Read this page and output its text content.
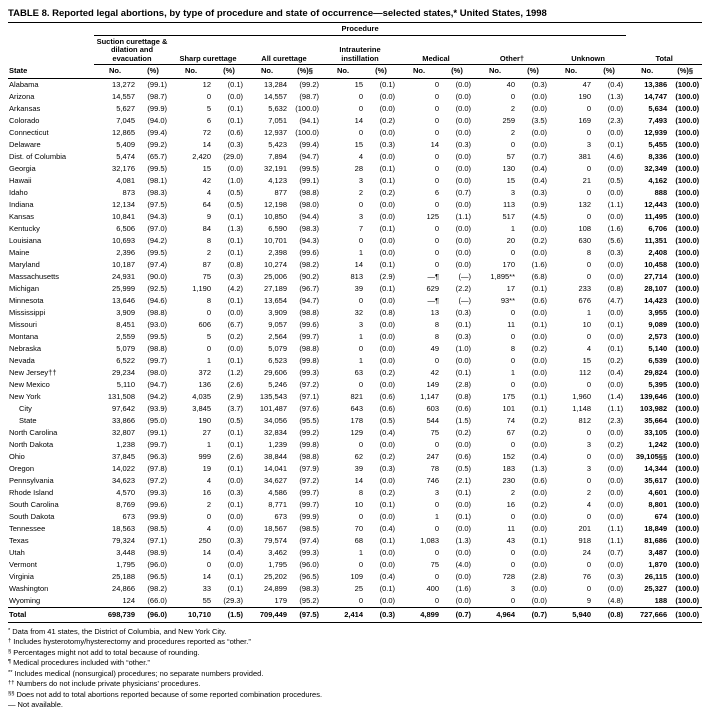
TABLE 8. Reported legal abortions, by type of procedure and state of occurrence—selected states,* United States, 1998
State	Procedure															
	Suction curettage & dilation and evacuation		Sharp curettage		All curettage		Intrauterine instillation		Medical		Other†		Unknown		Total	
	No.	(%)	No.	(%)	No.	(%)§	No.	(%)	No.	(%)	No.	(%)	No.	(%)	No.	(%)§
Alabama	13,272	(99.1)	12	(0.1)	13,284	(99.2)	15	(0.1)	0	(0.0)	40	(0.3)	47	(0.4)	13,386	(100.0)
Arizona	14,557	(98.7)	0	(0.0)	14,557	(98.7)	0	(0.0)	0	(0.0)	0	(0.0)	190	(1.3)	14,747	(100.0)
Arkansas	5,627	(99.9)	5	(0.1)	5,632	(100.0)	0	(0.0)	0	(0.0)	2	(0.0)	0	(0.0)	5,634	(100.0)
Colorado	7,045	(94.0)	6	(0.1)	7,051	(94.1)	14	(0.2)	0	(0.0)	259	(3.5)	169	(2.3)	7,493	(100.0)
Connecticut	12,865	(99.4)	72	(0.6)	12,937	(100.0)	0	(0.0)	0	(0.0)	2	(0.0)	0	(0.0)	12,939	(100.0)
Delaware	5,409	(99.2)	14	(0.3)	5,423	(99.4)	15	(0.3)	14	(0.3)	0	(0.0)	3	(0.1)	5,455	(100.0)
Dist. of Columbia	5,474	(65.7)	2,420	(29.0)	7,894	(94.7)	4	(0.0)	0	(0.0)	57	(0.7)	381	(4.6)	8,336	(100.0)
Georgia	32,176	(99.5)	15	(0.0)	32,191	(99.5)	28	(0.1)	0	(0.0)	130	(0.4)	0	(0.0)	32,349	(100.0)
Hawaii	4,081	(98.1)	42	(1.0)	4,123	(99.1)	3	(0.1)	0	(0.0)	15	(0.4)	21	(0.5)	4,162	(100.0)
Idaho	873	(98.3)	4	(0.5)	877	(98.8)	2	(0.2)	6	(0.7)	3	(0.3)	0	(0.0)	888	(100.0)
Indiana	12,134	(97.5)	64	(0.5)	12,198	(98.0)	0	(0.0)	0	(0.0)	113	(0.9)	132	(1.1)	12,443	(100.0)
Kansas	10,841	(94.3)	9	(0.1)	10,850	(94.4)	3	(0.0)	125	(1.1)	517	(4.5)	0	(0.0)	11,495	(100.0)
Kentucky	6,506	(97.0)	84	(1.3)	6,590	(98.3)	7	(0.1)	0	(0.0)	1	(0.0)	108	(1.6)	6,706	(100.0)
Louisiana	10,693	(94.2)	8	(0.1)	10,701	(94.3)	0	(0.0)	0	(0.0)	20	(0.2)	630	(5.6)	11,351	(100.0)
Maine	2,396	(99.5)	2	(0.1)	2,398	(99.6)	1	(0.0)	0	(0.0)	0	(0.0)	8	(0.3)	2,408	(100.0)
Maryland	10,187	(97.4)	87	(0.8)	10,274	(98.2)	14	(0.1)	0	(0.0)	170	(1.6)	0	(0.0)	10,458	(100.0)
Massachusetts	24,931	(90.0)	75	(0.3)	25,006	(90.2)	813	(2.9)	—¶	(—)	1,895**	(6.8)	0	(0.0)	27,714	(100.0)
Michigan	25,999	(92.5)	1,190	(4.2)	27,189	(96.7)	39	(0.1)	629	(2.2)	17	(0.1)	233	(0.8)	28,107	(100.0)
Minnesota	13,646	(94.6)	8	(0.1)	13,654	(94.7)	0	(0.0)	—¶	(—)	93**	(0.6)	676	(4.7)	14,423	(100.0)
Mississippi	3,909	(98.8)	0	(0.0)	3,909	(98.8)	32	(0.8)	13	(0.3)	0	(0.0)	1	(0.0)	3,955	(100.0)
Missouri	8,451	(93.0)	606	(6.7)	9,057	(99.6)	3	(0.0)	8	(0.1)	11	(0.1)	10	(0.1)	9,089	(100.0)
Montana	2,559	(99.5)	5	(0.2)	2,564	(99.7)	1	(0.0)	8	(0.3)	0	(0.0)	0	(0.0)	2,573	(100.0)
Nebraska	5,079	(98.8)	0	(0.0)	5,079	(98.8)	0	(0.0)	49	(1.0)	8	(0.2)	4	(0.1)	5,140	(100.0)
Nevada	6,522	(99.7)	1	(0.1)	6,523	(99.8)	1	(0.0)	0	(0.0)	0	(0.0)	15	(0.2)	6,539	(100.0)
New Jersey††	29,234	(98.0)	372	(1.2)	29,606	(99.3)	63	(0.2)	42	(0.1)	1	(0.0)	112	(0.4)	29,824	(100.0)
New Mexico	5,110	(94.7)	136	(2.6)	5,246	(97.2)	0	(0.0)	149	(2.8)	0	(0.0)	0	(0.0)	5,395	(100.0)
New York	131,508	(94.2)	4,035	(2.9)	135,543	(97.1)	821	(0.6)	1,147	(0.8)	175	(0.1)	1,960	(1.4)	139,646	(100.0)
City	97,642	(93.9)	3,845	(3.7)	101,487	(97.6)	643	(0.6)	603	(0.6)	101	(0.1)	1,148	(1.1)	103,982	(100.0)
State	33,866	(95.0)	190	(0.5)	34,056	(95.5)	178	(0.5)	544	(1.5)	74	(0.2)	812	(2.3)	35,664	(100.0)
North Carolina	32,807	(99.1)	27	(0.1)	32,834	(99.2)	129	(0.4)	75	(0.2)	67	(0.2)	0	(0.0)	33,105	(100.0)
North Dakota	1,238	(99.7)	1	(0.1)	1,239	(99.8)	0	(0.0)	0	(0.0)	0	(0.0)	3	(0.2)	1,242	(100.0)
Ohio	37,845	(96.3)	999	(2.6)	38,844	(98.8)	62	(0.2)	247	(0.6)	152	(0.4)	0	(0.0)	39,105§§	(100.0)
Oregon	14,022	(97.8)	19	(0.1)	14,041	(97.9)	39	(0.3)	78	(0.5)	183	(1.3)	3	(0.0)	14,344	(100.0)
Pennsylvania	34,623	(97.2)	4	(0.0)	34,627	(97.2)	14	(0.0)	746	(2.1)	230	(0.6)	0	(0.0)	35,617	(100.0)
Rhode Island	4,570	(99.3)	16	(0.3)	4,586	(99.7)	8	(0.2)	3	(0.1)	2	(0.0)	2	(0.0)	4,601	(100.0)
South Carolina	8,769	(99.6)	2	(0.1)	8,771	(99.7)	10	(0.1)	0	(0.0)	16	(0.2)	4	(0.0)	8,801	(100.0)
South Dakota	673	(99.9)	0	(0.0)	673	(99.9)	0	(0.0)	1	(0.1)	0	(0.0)	0	(0.0)	674	(100.0)
Tennessee	18,563	(98.5)	4	(0.0)	18,567	(98.5)	70	(0.4)	0	(0.0)	11	(0.0)	201	(1.1)	18,849	(100.0)
Texas	79,324	(97.1)	250	(0.3)	79,574	(97.4)	68	(0.1)	1,083	(1.3)	43	(0.1)	918	(1.1)	81,686	(100.0)
Utah	3,448	(98.9)	14	(0.4)	3,462	(99.3)	1	(0.0)	0	(0.0)	0	(0.0)	24	(0.7)	3,487	(100.0)
Vermont	1,795	(96.0)	0	(0.0)	1,795	(96.0)	0	(0.0)	75	(4.0)	0	(0.0)	0	(0.0)	1,870	(100.0)
Virginia	25,188	(96.5)	14	(0.1)	25,202	(96.5)	109	(0.4)	0	(0.0)	728	(2.8)	76	(0.3)	26,115	(100.0)
Washington	24,866	(98.2)	33	(0.1)	24,899	(98.3)	25	(0.1)	400	(1.6)	3	(0.0)	0	(0.0)	25,327	(100.0)
Wyoming	124	(66.0)	55	(29.3)	179	(95.2)	0	(0.0)	0	(0.0)	0	(0.0)	9	(4.8)	188	(100.0)
Total	698,739	(96.0)	10,710	(1.5)	709,449	(97.5)	2,414	(0.3)	4,899	(0.7)	4,964	(0.7)	5,940	(0.8)	727,666	(100.0)
* Data from 41 states, the District of Columbia, and New York City.
† Includes hysterotomy/hysterectomy and procedures reported as “other.”
§ Percentages might not add to total because of rounding.
¶ Medical procedures included with “other.”
** Includes medical (nonsurgical) procedures; no separate numbers provided.
†† Numbers do not include private physicians’ procedures.
§§ Does not add to total abortions reported because of some reported combination procedures.
— Not available.
